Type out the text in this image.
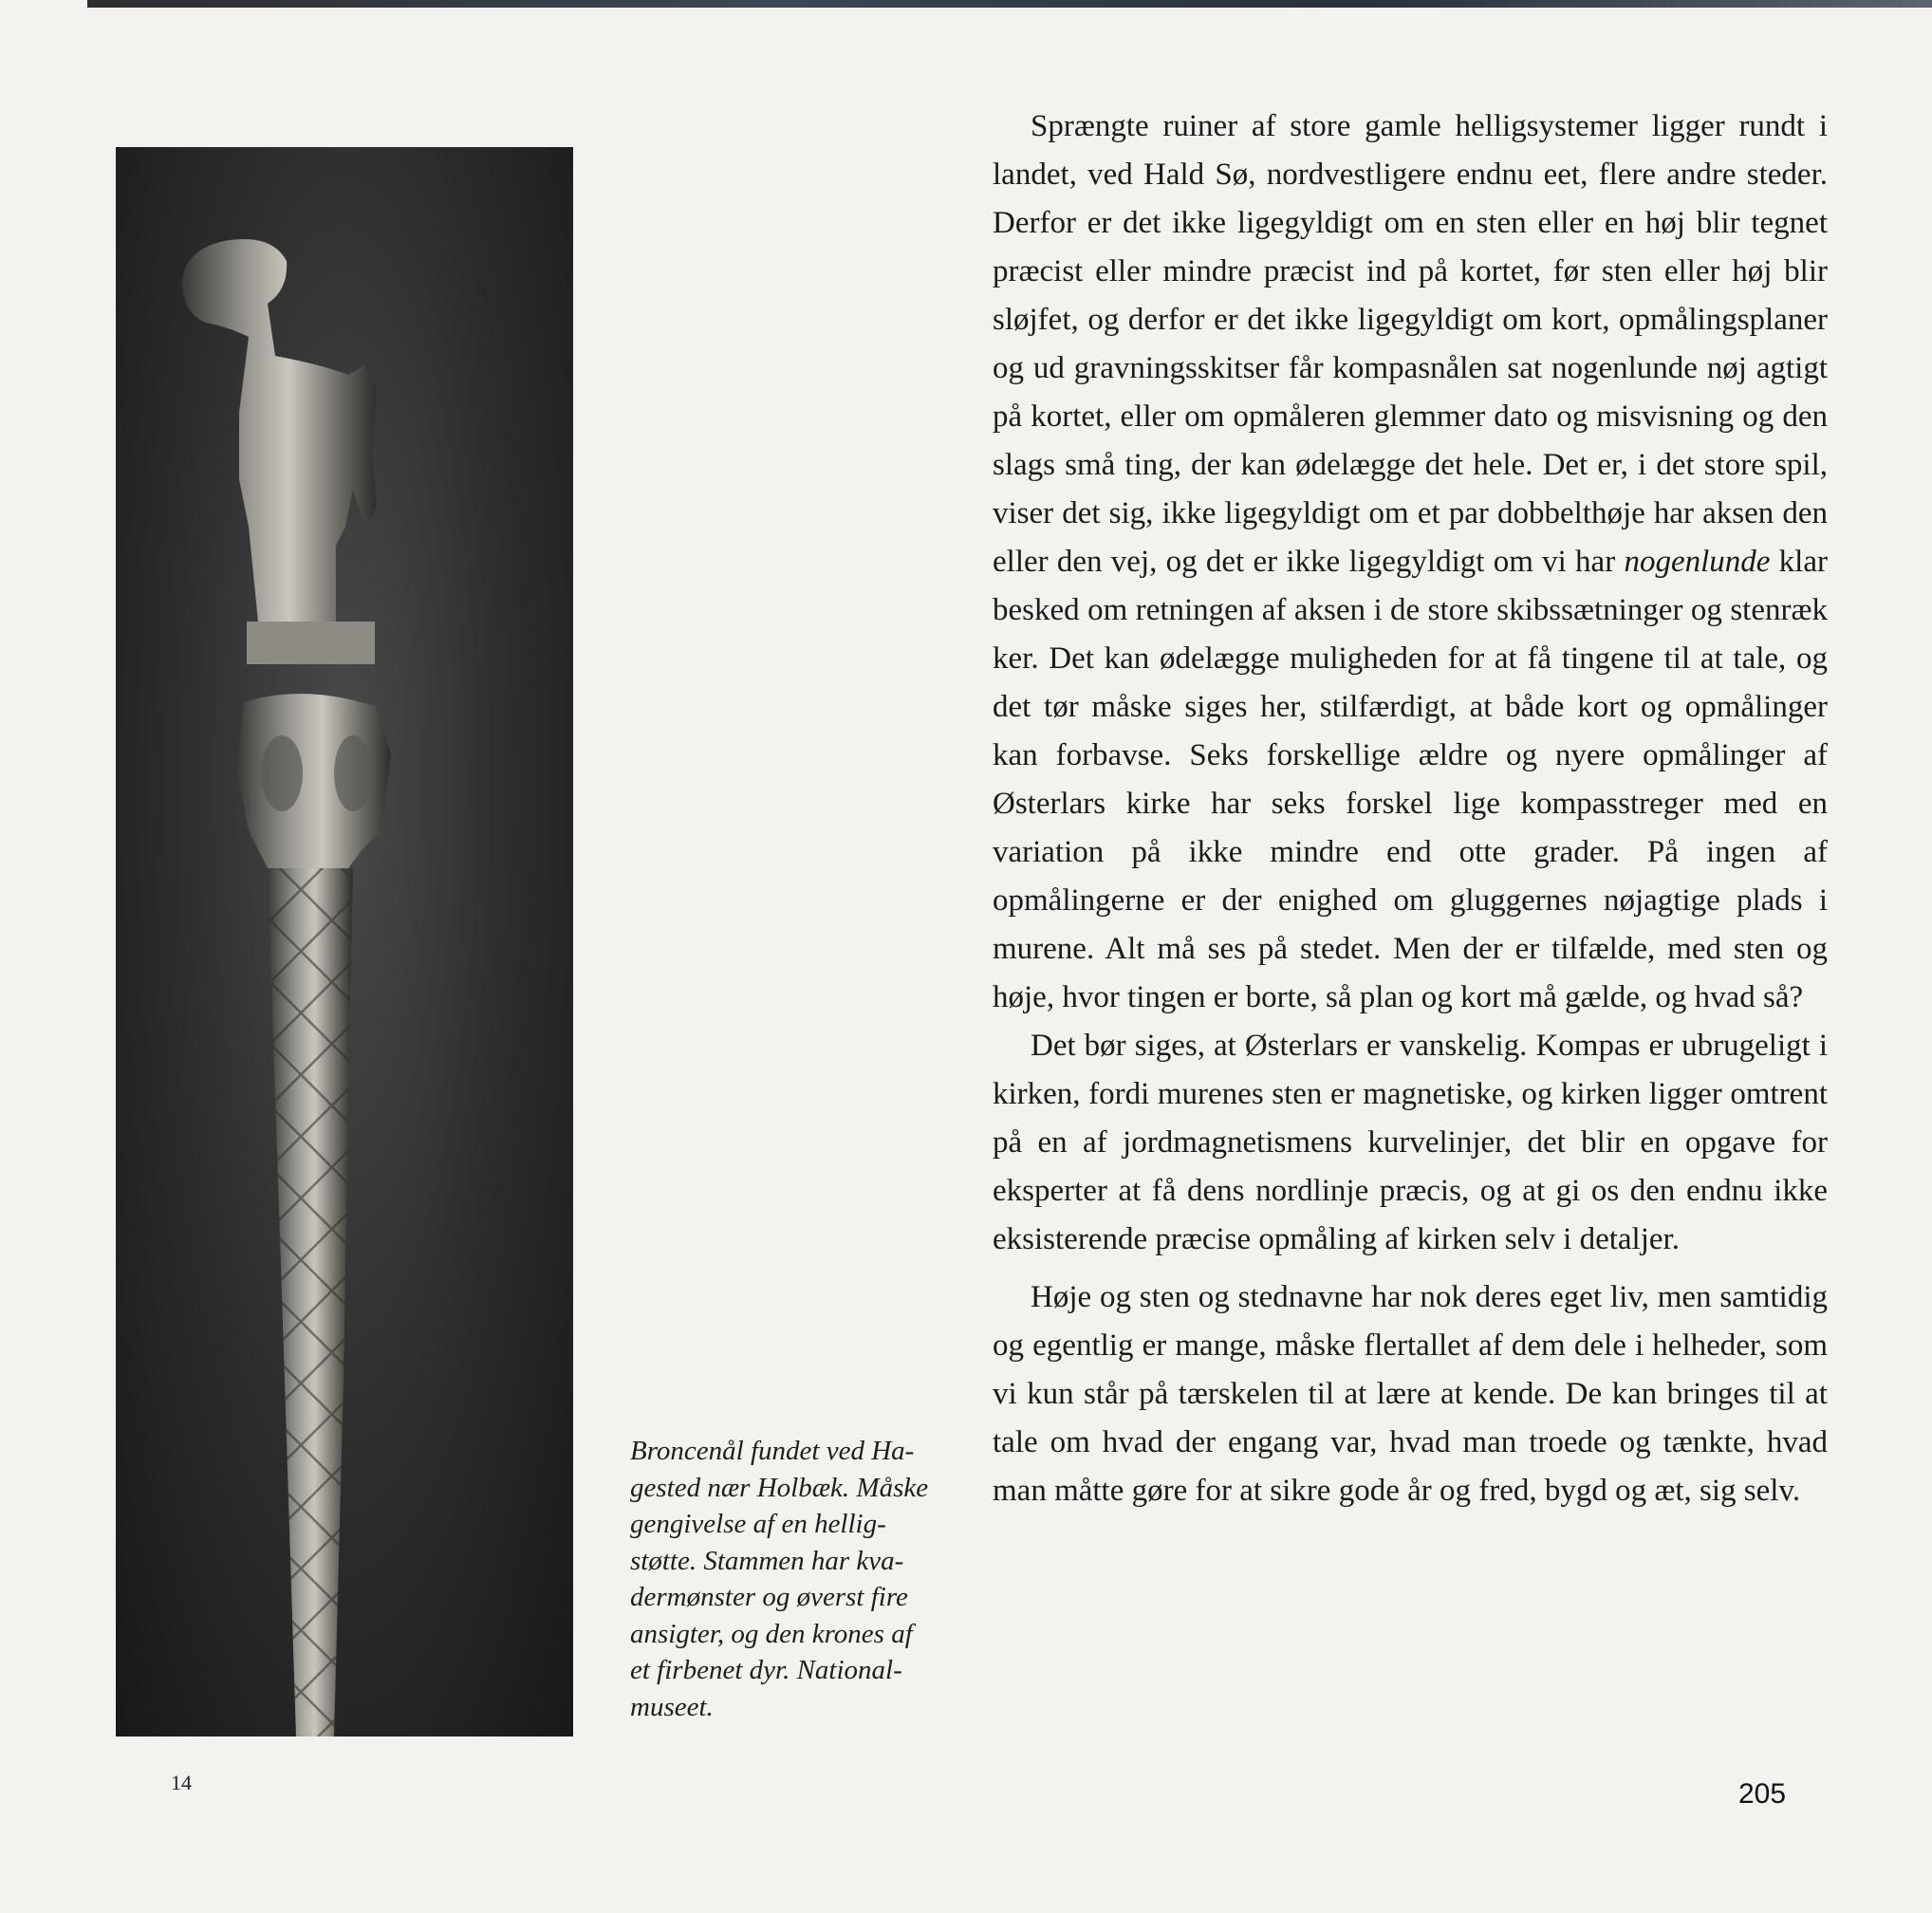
Broncenål fundet ved Ha-
gested nær Holbæk. Måske
gengivelse af en hellig-
støtte. Stammen har kva-
dermønster og øverst fire
ansigter, og den krones af
et firbenet dyr. National-
museet.
Sprængte ruiner af store gamle helligsystemer ligger rundt i landet, ved Hald Sø, nordvestligere endnu eet, flere andre steder. Derfor er det ikke ligegyldigt om en sten eller en høj blir tegnet præcist eller mindre præcist ind på kortet, før sten eller høj blir sløjfet, og derfor er det ikke ligegyldigt om kort, opmålingsplaner og ud gravningsskitser får kompasnålen sat nogenlunde nøj agtigt på kortet, eller om opmåleren glemmer dato og misvisning og den slags små ting, der kan ødelægge det hele. Det er, i det store spil, viser det sig, ikke ligegyldigt om et par dobbelthøje har aksen den eller den vej, og det er ikke ligegyldigt om vi har nogenlunde klar besked om retningen af aksen i de store skibssætninger og stenræk ker. Det kan ødelægge muligheden for at få tingene til at tale, og det tør måske siges her, stilfærdigt, at både kort og opmålinger kan forbavse. Seks forskellige ældre og nyere opmålinger af Østerlars kirke har seks forskel lige kompasstreger med en variation på ikke mindre end otte grader. På ingen af opmålingerne er der enighed om gluggernes nøjagtige plads i murene. Alt må ses på stedet. Men der er tilfælde, med sten og høje, hvor tingen er borte, så plan og kort må gælde, og hvad så?
Det bør siges, at Østerlars er vanskelig. Kompas er ubrugeligt i kirken, fordi murenes sten er magnetiske, og kirken ligger omtrent på en af jordmagnetismens kurvelinjer, det blir en opgave for eksperter at få dens nordlinje præcis, og at gi os den endnu ikke eksisterende præcise opmåling af kirken selv i detaljer.
Høje og sten og stednavne har nok deres eget liv, men samtidig og egentlig er mange, måske flertallet af dem dele i helheder, som vi kun står på tærskelen til at lære at kende. De kan bringes til at tale om hvad der engang var, hvad man troede og tænkte, hvad man måtte gøre for at sikre gode år og fred, bygd og æt, sig selv.
14	205
